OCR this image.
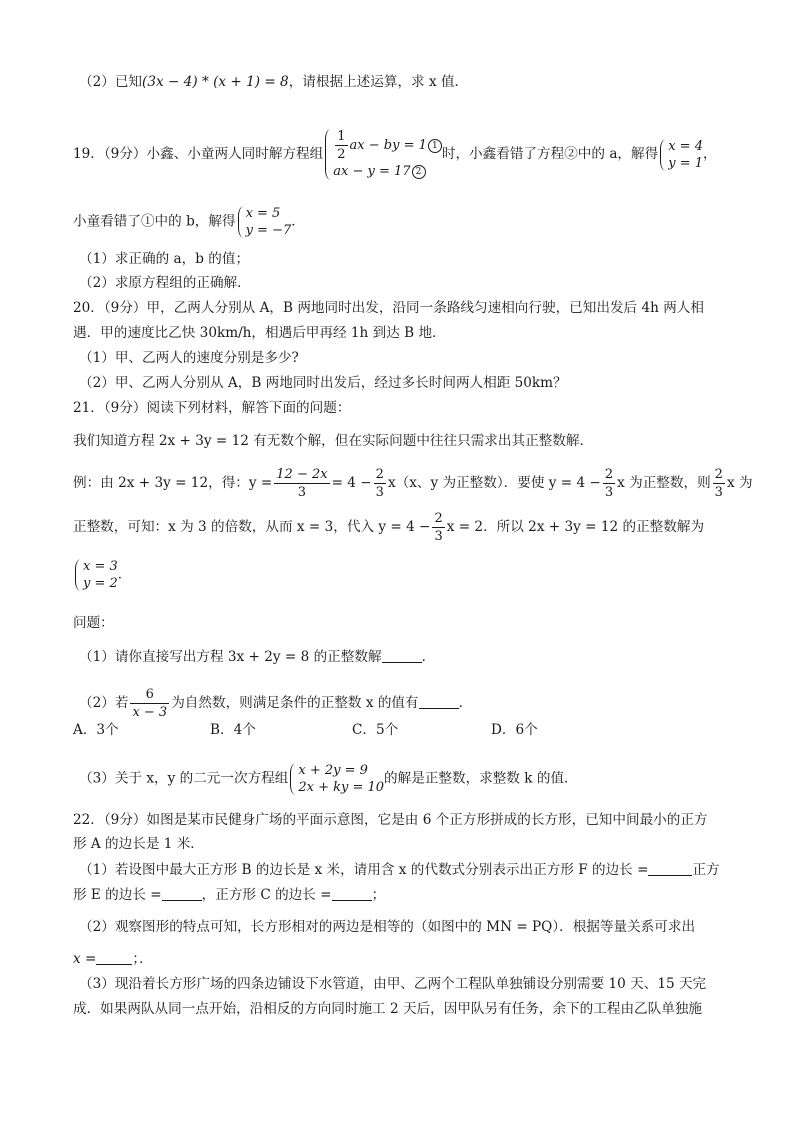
（2）已知(3x − 4) * (x + 1) = 8，请根据上述运算，求 x 值．
19．（9分）小鑫、小童两人同时解方程组 $\frac{1}{2}$ ax − by = 1 1
ax − y = 17 2
时，小鑫看错了方程②中的 a，解得 x = 4
y = 1
，
小童看错了①中的 b，解得 x = 5
y = −7
．
（1）求正确的 a，b 的值；
（2）求原方程组的正确解．
20．（9分）甲，乙两人分别从 A，B 两地同时出发，沿同一条路线匀速相向行驶，已知出发后 4h 两人相
遇．甲的速度比乙快 30km/h，相遇后甲再经 1h 到达 B 地．
（1）甲、乙两人的速度分别是多少?
（2）甲、乙两人分别从 A，B 两地同时出发后，经过多长时间两人相距 50km？
21．（9分）阅读下列材料，解答下面的问题：
我们知道方程 2x + 3y = 12 有无数个解，但在实际问题中往往只需求出其正整数解．
例：由 2x + 3y = 12，得：$y = \frac{12 - 2x}{3} = 4 - \frac{2}{3} x(x$、y 为正整数）．要使 $y = 4 - \frac{2}{3}$ x 为正整数，则 $\frac{2}{3}$ x 为
正整数，可知：x 为 3 的倍数，从而 x = 3，代入 $y = 4 - \frac{2}{3}$ x = 2．所以 2x + 3y = 12 的正整数解为
x = 3
y = 2
．
问题：
（1）请你直接写出方程 3x + 2y = 8 的正整数解	．
（2）若 $\frac{6}{x - 3}$ 为自然数，则满足条件的正整数 x 的值有	．
A．3个	B．4个	C．5个	D．6个
（3）关于 x，y 的二元一次方程组 x + 2y = 9
2x + ky = 10
的解是正整数，求整数 k 的值．
22．（9分）如图是某市民健身广场的平面示意图，它是由 6 个正方形拼成的长方形，已知中间最小的正方
形 A 的边长是 1 米．
（1）若设图中最大正方形 B 的边长是 x 米，请用含 x 的代数式分别表示出正方形 F 的边长 =	正方
形 E 的边长 =	，正方形 C 的边长 =	；
（2）观察图形的特点可知，长方形相对的两边是相等的（如图中的 MN = PQ）．根据等量关系可求出
x =	；．
（3）现沿着长方形广场的四条边铺设下水管道，由甲、乙两个工程队单独铺设分别需要 10 天、15 天完
成．如果两队从同一点开始，沿相反的方向同时施工 2 天后，因甲队另有任务，余下的工程由乙队单独施
